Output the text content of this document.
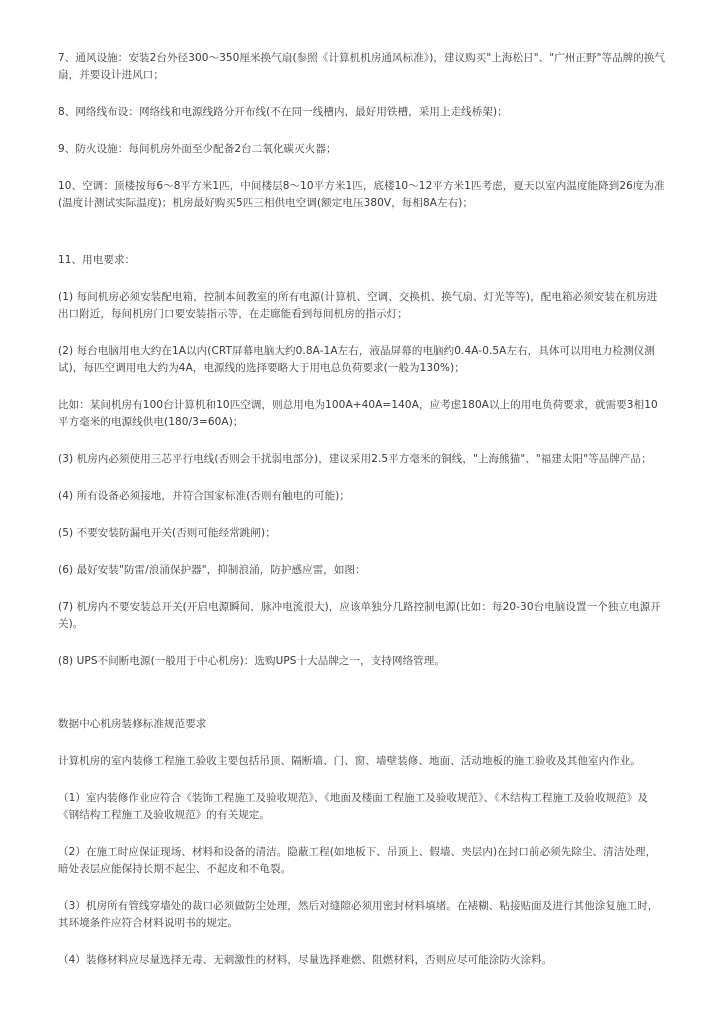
7、通风设施：安装2台外径300～350厘米换气扇(参照《计算机机房通风标准》)，建议购买"上海松日"、"广州正野"等品牌的换气扇，并要设计进风口；

8、网络线布设：网络线和电源线路分开布线(不在同一线槽内，最好用铁槽，采用上走线桥架)；

9、防火设施：每间机房外面至少配备2台二氧化碳灭火器；

10、空调：顶楼按每6～8平方米1匹，中间楼层8～10平方米1匹，底楼10～12平方米1匹考虑，夏天以室内温度能降到26度为准(温度计测试实际温度)；机房最好购买5匹三相供电空调(额定电压380V，每相8A左右)；

11、用电要求：

(1) 每间机房必须安装配电箱，控制本间教室的所有电源(计算机、空调、交换机、换气扇、灯光等等)，配电箱必须安装在机房进出口附近，每间机房门口要安装指示等，在走廊能看到每间机房的指示灯；

(2) 每台电脑用电大约在1A以内(CRT屏幕电脑大约0.8A-1A左右，液晶屏幕的电脑约0.4A-0.5A左右，具体可以用电力检测仪测试)，每匹空调用电大约为4A，电源线的选择要略大于用电总负荷要求(一般为130%)；

比如：某间机房有100台计算机和10匹空调，则总用电为100A+40A=140A，应考虑180A以上的用电负荷要求，就需要3相10平方毫米的电源线供电(180/3=60A)；

(3) 机房内必须使用三芯平行电线(否则会干扰弱电部分)，建议采用2.5平方毫米的铜线，"上海熊猫"、"福建太阳"等品牌产品；

(4) 所有设备必须接地，并符合国家标准(否则有触电的可能)；

(5) 不要安装防漏电开关(否则可能经常跳闸)；

(6) 最好安装"防雷/浪涌保护器"，抑制浪涌，防护感应雷，如图：

(7) 机房内不要安装总开关(开启电源瞬间，脉冲电流很大)，应该单独分几路控制电源(比如：每20-30台电脑设置一个独立电源开关)。

(8) UPS不间断电源(一般用于中心机房)：选购UPS十大品牌之一，支持网络管理。

数据中心机房装修标准规范要求

计算机房的室内装修工程施工验收主要包括吊顶、隔断墙、门、窗、墙壁装修、地面、活动地板的施工验收及其他室内作业。

（1）室内装修作业应符合《装饰工程施工及验收规范》、《地面及楼面工程施工及验收规范》、《木结构工程施工及验收规范》及《钢结构工程施工及验收规范》的有关规定。

（2）在施工时应保证现场、材料和设备的清洁。隐蔽工程(如地板下、吊顶上、假墙、夹层内)在封口前必须先除尘、清洁处理，暗处表层应能保持长期不起尘、不起皮和不龟裂。

（3）机房所有管线穿墙处的裁口必须做防尘处理，然后对缝隙必须用密封材料填堵。在裱糊、粘接贴面及进行其他涂复施工时，其环境条件应符合材料说明书的规定。

（4）装修材料应尽量选择无毒、无刺激性的材料，尽量选择难燃、阻燃材料，否则应尽可能涂防火涂料。
